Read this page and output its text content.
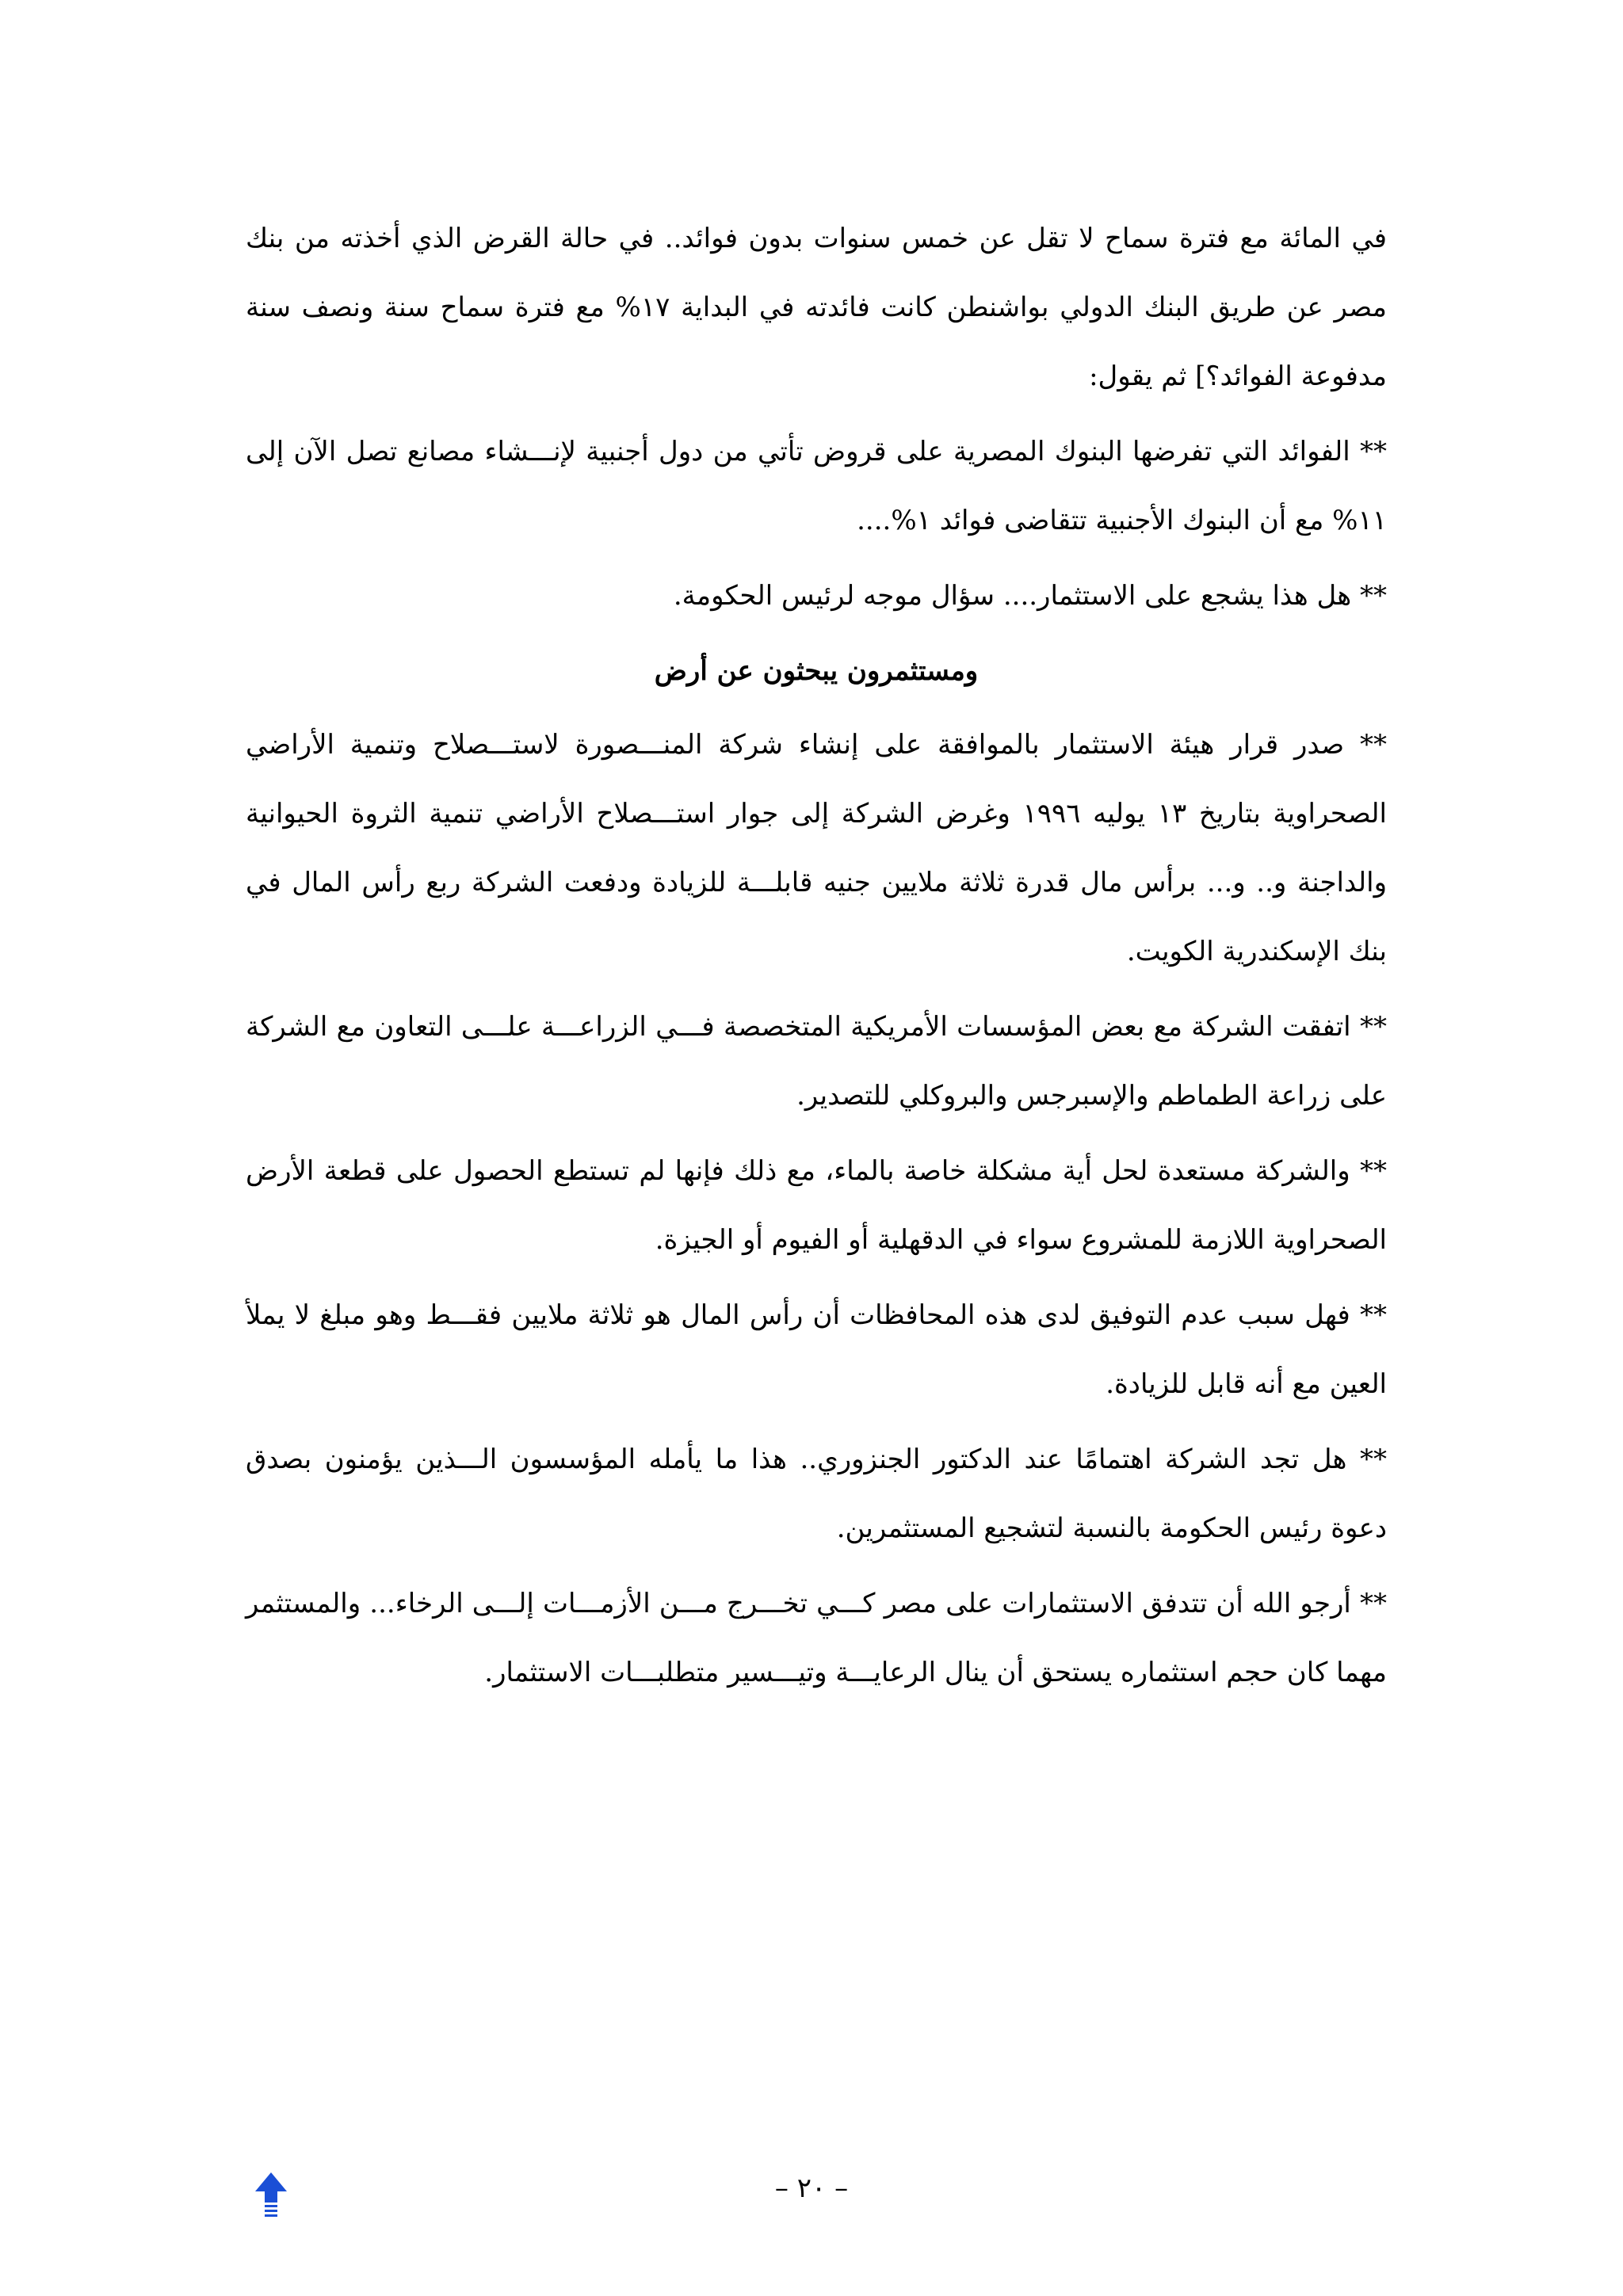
في المائة مع فترة سماح لا تقل عن خمس سنوات بدون فوائد.. في حالة القرض الذي أخذته من بنك مصر عن طريق البنك الدولي بواشنطن كانت فائدته في البداية ١٧% مع فترة سماح سنة ونصف سنة مدفوعة الفوائد؟] ثم يقول:

** الفوائد التي تفرضها البنوك المصرية على قروض تأتي من دول أجنبية لإنـــشاء مصانع تصل الآن إلى ١١% مع أن البنوك الأجنبية تتقاضى فوائد ١%....

** هل هذا يشجع على الاستثمار.... سؤال موجه لرئيس الحكومة.

ومستثمرون يبحثون عن أرض

** صدر قرار هيئة الاستثمار بالموافقة على إنشاء شركة المنـــصورة لاستـــصلاح وتنمية الأراضي الصحراوية بتاريخ ١٣ يوليه ١٩٩٦ وغرض الشركة إلى جوار استـــصلاح الأراضي تنمية الثروة الحيوانية والداجنة و.. و... برأس مال قدرة ثلاثة ملايين جنيه قابلـــة للزيادة ودفعت الشركة ربع رأس المال في بنك الإسكندرية الكويت.

** اتفقت الشركة مع بعض المؤسسات الأمريكية المتخصصة فـــي الزراعـــة علـــى التعاون مع الشركة على زراعة الطماطم والإسبرجس والبروكلي للتصدير.

** والشركة مستعدة لحل أية مشكلة خاصة بالماء، مع ذلك فإنها لم تستطع الحصول على قطعة الأرض الصحراوية اللازمة للمشروع سواء في الدقهلية أو الفيوم أو الجيزة.

** فهل سبب عدم التوفيق لدى هذه المحافظات أن رأس المال هو ثلاثة ملايين فقـــط وهو مبلغ لا يملأ العين مع أنه قابل للزيادة.

** هل تجد الشركة اهتمامًا عند الدكتور الجنزوري.. هذا ما يأمله المؤسسون الـــذين يؤمنون بصدق دعوة رئيس الحكومة بالنسبة لتشجيع المستثمرين.

** أرجو الله أن تتدفق الاستثمارات على مصر كـــي تخـــرج مـــن الأزمـــات إلـــى الرخاء... والمستثمر مهما كان حجم استثماره يستحق أن ينال الرعايـــة وتيـــسير متطلبـــات الاستثمار.

– ٢٠ –
